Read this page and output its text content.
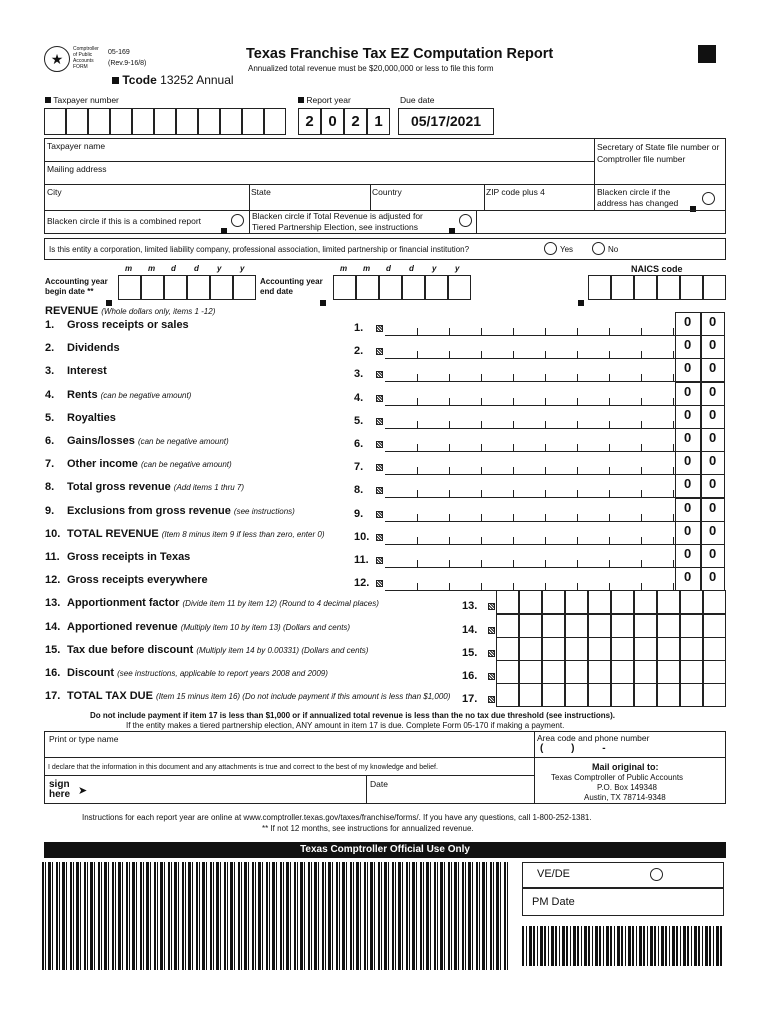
★
Comptroller of Public Accounts FORM
05-169
(Rev.9-16/8)
Tcode 13252 Annual
Texas Franchise Tax EZ Computation Report
Annualized total revenue must be $20,000,000 or less to file this form
Taxpayer number	Report year	Due date
05/17/2021
Taxpayer name	Secretary of State file number or Comptroller file number
Mailing address
City	State	Country	ZIP code plus 4	Blacken circle if the address has changed
Blacken circle if this is a combined report	Blacken circle if Total Revenue is adjusted for Tiered Partnership Election, see instructions
Is this entity a corporation, limited liability company, professional association, limited partnership or financial institution?	Yes	No
NAICS code
Accounting year begin date **
Accounting year end date
REVENUE (Whole dollars only, items 1 -12)
Do not include payment if item 17 is less than $1,000 or if annualized total revenue is less than the no tax due threshold (see instructions).
If the entity makes a tiered partnership election, ANY amount in item 17 is due. Complete Form 05-170 if making a payment.
Print or type name	Area code and phone number
(          )          -
I declare that the information in this document and any attachments is true and correct to the best of my knowledge and belief.	Mail original to:
Texas Comptroller of Public Accounts
P.O. Box 149348
Austin, TX 78714-9348
sign here ➤
Date
Instructions for each report year are online at www.comptroller.texas.gov/taxes/franchise/forms/. If you have any questions, call 1-800-252-1381.
** If not 12 months, see instructions for annualized revenue.
Texas Comptroller Official Use Only
VE/DE
PM Date
2 0 2 1
m m d d y y	m m d d y y
1. Gross receipts or sales	1.	0 0
2. Dividends	2.	0 0
3. Interest	3.	0 0
4. Rents (can be negative amount)	4.	0 0
5. Royalties	5.	0 0
6. Gains/losses (can be negative amount)	6.	0 0
7. Other income (can be negative amount)	7.	0 0
8. Total gross revenue (Add items 1 thru 7)	8.	0 0
9. Exclusions from gross revenue (see instructions)	9.	0 0
10. TOTAL REVENUE (Item 8 minus item 9 if less than zero, enter 0)	10.	0 0
11. Gross receipts in Texas	11.	0 0
12. Gross receipts everywhere	12.	0 0
13. Apportionment factor (Divide item 11 by item 12) (Round to 4 decimal places)	13.
14. Apportioned revenue (Multiply item 10 by item 13) (Dollars and cents)	14.
15. Tax due before discount (Multiply item 14 by 0.00331) (Dollars and cents)	15.
16. Discount (see instructions, applicable to report years 2008 and 2009)	16.
17. TOTAL TAX DUE (Item 15 minus item 16) (Do not include payment if this amount is less than $1,000) 17.
